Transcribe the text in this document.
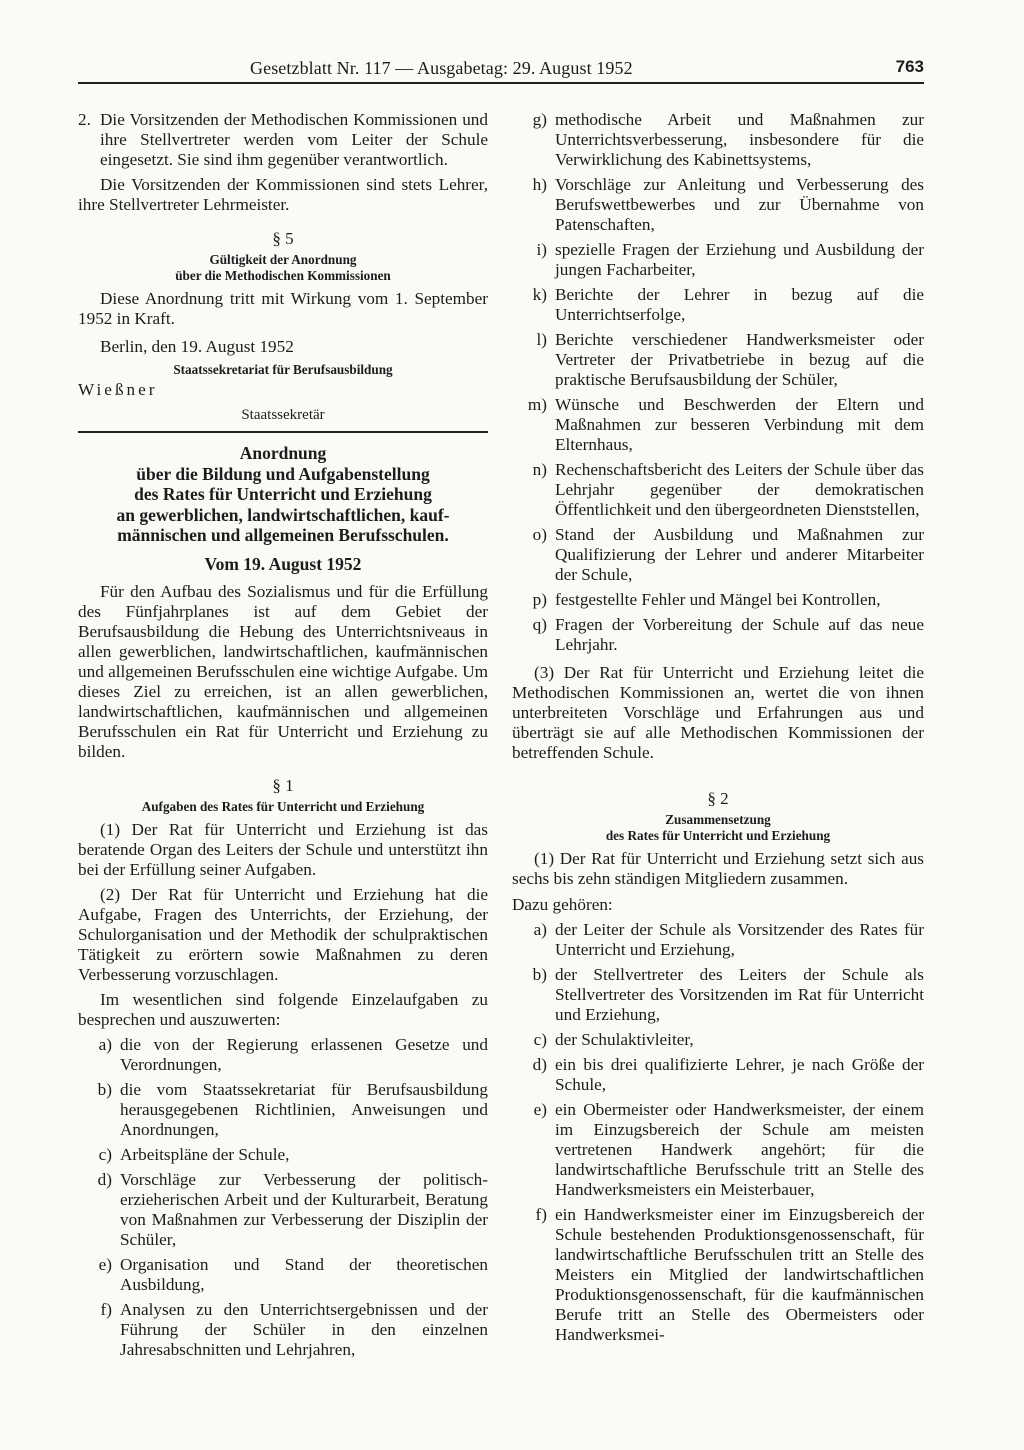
Gesetzblatt Nr. 117 — Ausgabetag: 29. August 1952	763

2. Die Vorsitzenden der Methodischen Kommissionen und ihre Stellvertreter werden vom Leiter der Schule eingesetzt. Sie sind ihm gegenüber verantwortlich.

Die Vorsitzenden der Kommissionen sind stets Lehrer, ihre Stellvertreter Lehrmeister.

§ 5
Gültigkeit der Anordnung
über die Methodischen Kommissionen

Diese Anordnung tritt mit Wirkung vom 1. September 1952 in Kraft.

Berlin, den 19. August 1952

Staatssekretariat für Berufsausbildung

Wießner

Staatssekretär

Anordnung
über die Bildung und Aufgabenstellung
des Rates für Unterricht und Erziehung
an gewerblichen, landwirtschaftlichen, kauf-
männischen und allgemeinen Berufsschulen.
Vom 19. August 1952

Für den Aufbau des Sozialismus und für die Erfüllung des Fünfjahrplanes ist auf dem Gebiet der Berufsausbildung die Hebung des Unterrichtsniveaus in allen gewerblichen, landwirtschaftlichen, kaufmännischen und allgemeinen Berufsschulen eine wichtige Aufgabe. Um dieses Ziel zu erreichen, ist an allen gewerblichen, landwirtschaftlichen, kaufmännischen und allgemeinen Berufsschulen ein Rat für Unterricht und Erziehung zu bilden.

§ 1
Aufgaben des Rates für Unterricht und Erziehung

(1) Der Rat für Unterricht und Erziehung ist das beratende Organ des Leiters der Schule und unterstützt ihn bei der Erfüllung seiner Aufgaben.

(2) Der Rat für Unterricht und Erziehung hat die Aufgabe, Fragen des Unterrichts, der Erziehung, der Schulorganisation und der Methodik der schulpraktischen Tätigkeit zu erörtern sowie Maßnahmen zu deren Verbesserung vorzuschlagen.

Im wesentlichen sind folgende Einzelaufgaben zu besprechen und auszuwerten:

a) die von der Regierung erlassenen Gesetze und Verordnungen,
b) die vom Staatssekretariat für Berufsausbildung herausgegebenen Richtlinien, Anweisungen und Anordnungen,
c) Arbeitspläne der Schule,
d) Vorschläge zur Verbesserung der politisch-erzieherischen Arbeit und der Kulturarbeit, Beratung von Maßnahmen zur Verbesserung der Disziplin der Schüler,
e) Organisation und Stand der theoretischen Ausbildung,
f) Analysen zu den Unterrichtsergebnissen und der Führung der Schüler in den einzelnen Jahresabschnitten und Lehrjahren,
g) methodische Arbeit und Maßnahmen zur Unterrichtsverbesserung, insbesondere für die Verwirklichung des Kabinettsystems,
h) Vorschläge zur Anleitung und Verbesserung des Berufswettbewerbes und zur Übernahme von Patenschaften,
i) spezielle Fragen der Erziehung und Ausbildung der jungen Facharbeiter,
k) Berichte der Lehrer in bezug auf die Unterrichtserfolge,
l) Berichte verschiedener Handwerksmeister oder Vertreter der Privatbetriebe in bezug auf die praktische Berufsausbildung der Schüler,
m) Wünsche und Beschwerden der Eltern und Maßnahmen zur besseren Verbindung mit dem Elternhaus,
n) Rechenschaftsbericht des Leiters der Schule über das Lehrjahr gegenüber der demokratischen Öffentlichkeit und den übergeordneten Dienststellen,
o) Stand der Ausbildung und Maßnahmen zur Qualifizierung der Lehrer und anderer Mitarbeiter der Schule,
p) festgestellte Fehler und Mängel bei Kontrollen,
q) Fragen der Vorbereitung der Schule auf das neue Lehrjahr.

(3) Der Rat für Unterricht und Erziehung leitet die Methodischen Kommissionen an, wertet die von ihnen unterbreiteten Vorschläge und Erfahrungen aus und überträgt sie auf alle Methodischen Kommissionen der betreffenden Schule.

§ 2
Zusammensetzung
des Rates für Unterricht und Erziehung

(1) Der Rat für Unterricht und Erziehung setzt sich aus sechs bis zehn ständigen Mitgliedern zusammen.

Dazu gehören:

a) der Leiter der Schule als Vorsitzender des Rates für Unterricht und Erziehung,
b) der Stellvertreter des Leiters der Schule als Stellvertreter des Vorsitzenden im Rat für Unterricht und Erziehung,
c) der Schulaktivleiter,
d) ein bis drei qualifizierte Lehrer, je nach Größe der Schule,
e) ein Obermeister oder Handwerksmeister, der einem im Einzugsbereich der Schule am meisten vertretenen Handwerk angehört; für die landwirtschaftliche Berufsschule tritt an Stelle des Handwerksmeisters ein Meisterbauer,
f) ein Handwerksmeister einer im Einzugsbereich der Schule bestehenden Produktionsgenossenschaft, für landwirtschaftliche Berufsschulen tritt an Stelle des Meisters ein Mitglied der landwirtschaftlichen Produktionsgenossenschaft, für die kaufmännischen Berufe tritt an Stelle des Obermeisters oder Handwerksmei-
